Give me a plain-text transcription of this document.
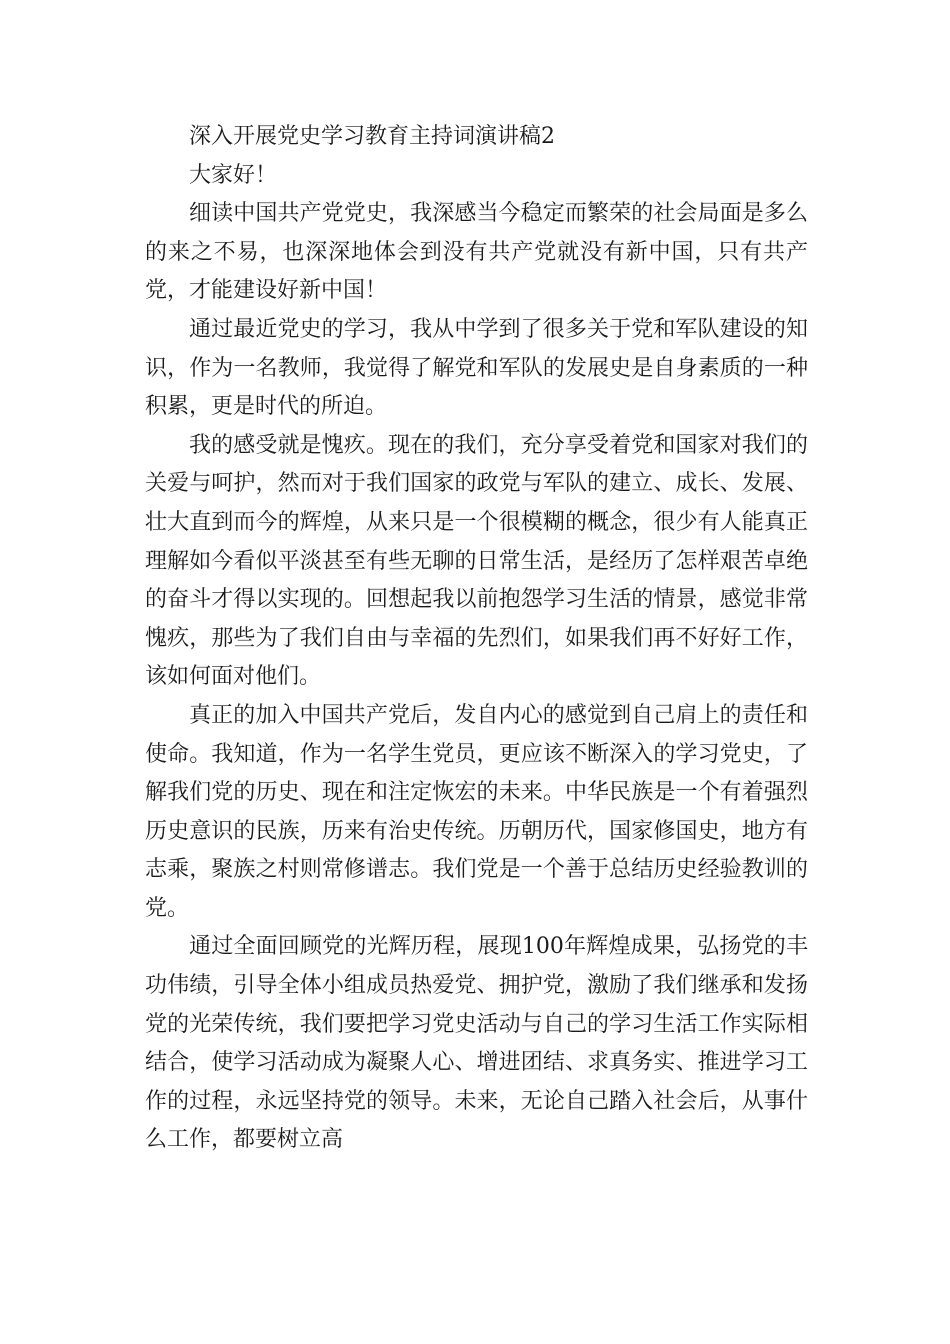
深入开展党史学习教育主持词演讲稿2

大家好！

细读中国共产党党史，我深感当今稳定而繁荣的社会局面是多么的来之不易，也深深地体会到没有共产党就没有新中国，只有共产党，才能建设好新中国！

通过最近党史的学习，我从中学到了很多关于党和军队建设的知识，作为一名教师，我觉得了解党和军队的发展史是自身素质的一种积累，更是时代的所迫。

我的感受就是愧疚。现在的我们，充分享受着党和国家对我们的关爱与呵护，然而对于我们国家的政党与军队的建立、成长、发展、壮大直到而今的辉煌，从来只是一个很模糊的概念，很少有人能真正理解如今看似平淡甚至有些无聊的日常生活，是经历了怎样艰苦卓绝的奋斗才得以实现的。回想起我以前抱怨学习生活的情景，感觉非常愧疚，那些为了我们自由与幸福的先烈们，如果我们再不好好工作，该如何面对他们。

真正的加入中国共产党后，发自内心的感觉到自己肩上的责任和使命。我知道，作为一名学生党员，更应该不断深入的学习党史，了解我们党的历史、现在和注定恢宏的未来。中华民族是一个有着强烈历史意识的民族，历来有治史传统。历朝历代，国家修国史，地方有志乘，聚族之村则常修谱志。我们党是一个善于总结历史经验教训的党。

通过全面回顾党的光辉历程，展现100年辉煌成果，弘扬党的丰功伟绩，引导全体小组成员热爱党、拥护党，激励了我们继承和发扬党的光荣传统，我们要把学习党史活动与自己的学习生活工作实际相结合，使学习活动成为凝聚人心、增进团结、求真务实、推进学习工作的过程，永远坚持党的领导。未来，无论自己踏入社会后，从事什么工作，都要树立高
